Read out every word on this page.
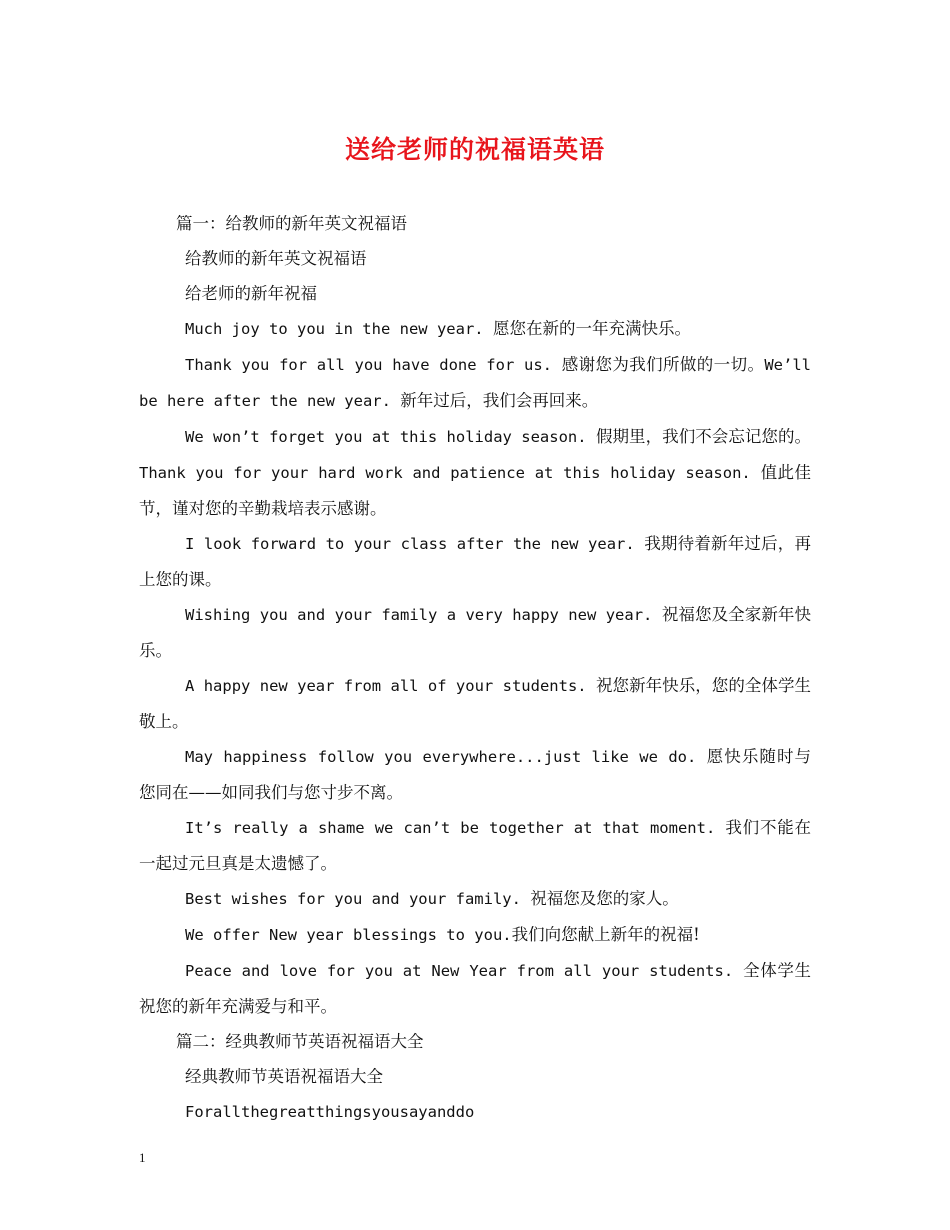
送给老师的祝福语英语
篇一：给教师的新年英文祝福语
给教师的新年英文祝福语
给老师的新年祝福
Much joy to you in the new year. 愿您在新的一年充满快乐。
Thank you for all you have done for us. 感谢您为我们所做的一切。We’ll be here after the new year. 新年过后，我们会再回来。
We won’t forget you at this holiday season. 假期里，我们不会忘记您的。 Thank you for your hard work and patience at this holiday season. 值此佳节，谨对您的辛勤栽培表示感谢。
I look forward to your class after the new year. 我期待着新年过后，再上您的课。
Wishing you and your family a very happy new year. 祝福您及全家新年快乐。
A happy new year from all of your students. 祝您新年快乐，您的全体学生敬上。
May happiness follow you everywhere...just like we do. 愿快乐随时与您同在——如同我们与您寸步不离。
It’s really a shame we can’t be together at that moment. 我们不能在一起过元旦真是太遗憾了。
Best wishes for you and your family. 祝福您及您的家人。
We offer New year blessings to you.我们向您献上新年的祝福!
Peace and love for you at New Year from all your students. 全体学生祝您的新年充满爱与和平。
篇二：经典教师节英语祝福语大全
经典教师节英语祝福语大全
Forallthegreatthingsyousayanddo
1
